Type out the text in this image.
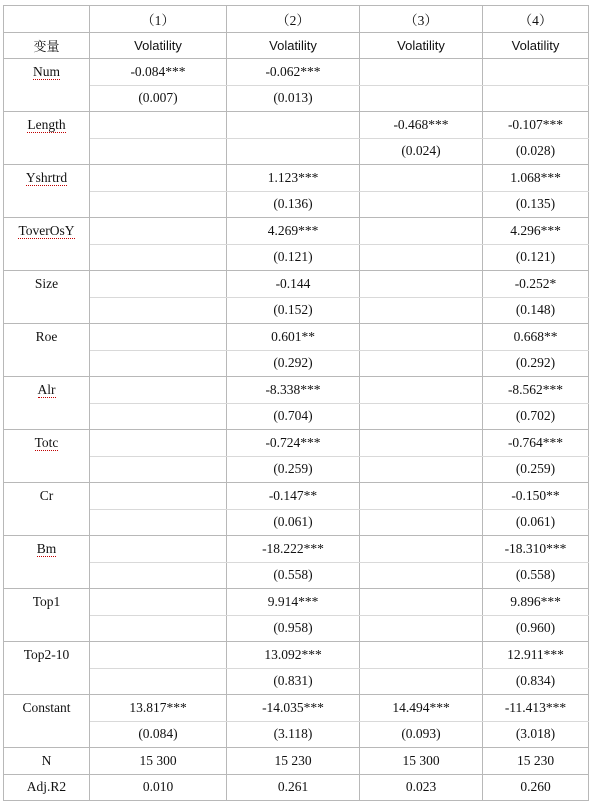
	（1）	（2）	（3）	（4）
变量	Volatility	Volatility	Volatility	Volatility
Num	-0.084***	-0.062***		
	(0.007)	(0.013)		
Length			-0.468***	-0.107***
			(0.024)	(0.028)
Yshrtrd		1.123***		1.068***
		(0.136)		(0.135)
ToverOsY		4.269***		4.296***
		(0.121)		(0.121)
Size		-0.144		-0.252*
		(0.152)		(0.148)
Roe		0.601**		0.668**
		(0.292)		(0.292)
Alr		-8.338***		-8.562***
		(0.704)		(0.702)
Totc		-0.724***		-0.764***
		(0.259)		(0.259)
Cr		-0.147**		-0.150**
		(0.061)		(0.061)
Bm		-18.222***		-18.310***
		(0.558)		(0.558)
Top1		9.914***		9.896***
		(0.958)		(0.960)
Top2-10		13.092***		12.911***
		(0.831)		(0.834)
Constant	13.817***	-14.035***	14.494***	-11.413***
	(0.084)	(3.118)	(0.093)	(3.018)
N	15 300	15 230	15 300	15 230
Adj.R2	0.010	0.261	0.023	0.260
